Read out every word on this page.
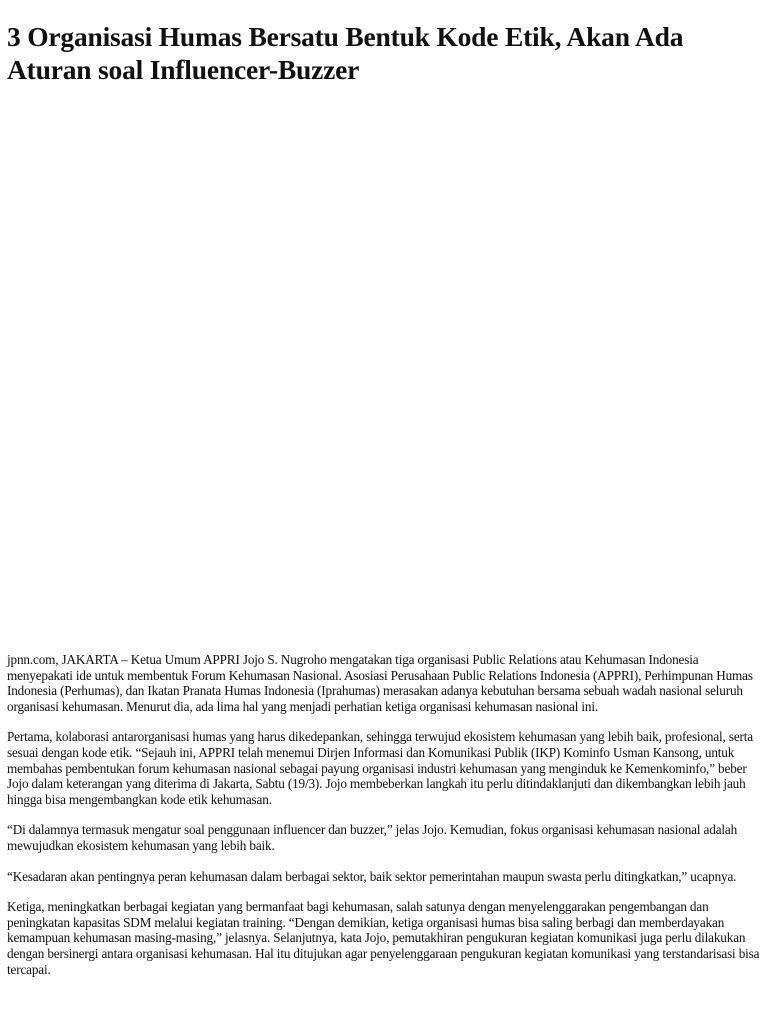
3 Organisasi Humas Bersatu Bentuk Kode Etik, Akan Ada Aturan soal Influencer-Buzzer

jpnn.com, JAKARTA – Ketua Umum APPRI Jojo S. Nugroho mengatakan tiga organisasi Public Relations atau Kehumasan Indonesia menyepakati ide untuk membentuk Forum Kehumasan Nasional. Asosiasi Perusahaan Public Relations Indonesia (APPRI), Perhimpunan Humas Indonesia (Perhumas), dan Ikatan Pranata Humas Indonesia (Iprahumas) merasakan adanya kebutuhan bersama sebuah wadah nasional seluruh organisasi kehumasan. Menurut dia, ada lima hal yang menjadi perhatian ketiga organisasi kehumasan nasional ini.

Pertama, kolaborasi antarorganisasi humas yang harus dikedepankan, sehingga terwujud ekosistem kehumasan yang lebih baik, profesional, serta sesuai dengan kode etik. “Sejauh ini, APPRI telah menemui Dirjen Informasi dan Komunikasi Publik (IKP) Kominfo Usman Kansong, untuk membahas pembentukan forum kehumasan nasional sebagai payung organisasi industri kehumasan yang menginduk ke Kemenkominfo,” beber Jojo dalam keterangan yang diterima di Jakarta, Sabtu (19/3). Jojo membeberkan langkah itu perlu ditindaklanjuti dan dikembangkan lebih jauh hingga bisa mengembangkan kode etik kehumasan.

“Di dalamnya termasuk mengatur soal penggunaan influencer dan buzzer,” jelas Jojo. Kemudian, fokus organisasi kehumasan nasional adalah mewujudkan ekosistem kehumasan yang lebih baik.

“Kesadaran akan pentingnya peran kehumasan dalam berbagai sektor, baik sektor pemerintahan maupun swasta perlu ditingkatkan,” ucapnya.

Ketiga, meningkatkan berbagai kegiatan yang bermanfaat bagi kehumasan, salah satunya dengan menyelenggarakan pengembangan dan peningkatan kapasitas SDM melalui kegiatan training. “Dengan demikian, ketiga organisasi humas bisa saling berbagi dan memberdayakan kemampuan kehumasan masing-masing,” jelasnya. Selanjutnya, kata Jojo, pemutakhiran pengukuran kegiatan komunikasi juga perlu dilakukan dengan bersinergi antara organisasi kehumasan. Hal itu ditujukan agar penyelenggaraan pengukuran kegiatan komunikasi yang terstandarisasi bisa tercapai.
